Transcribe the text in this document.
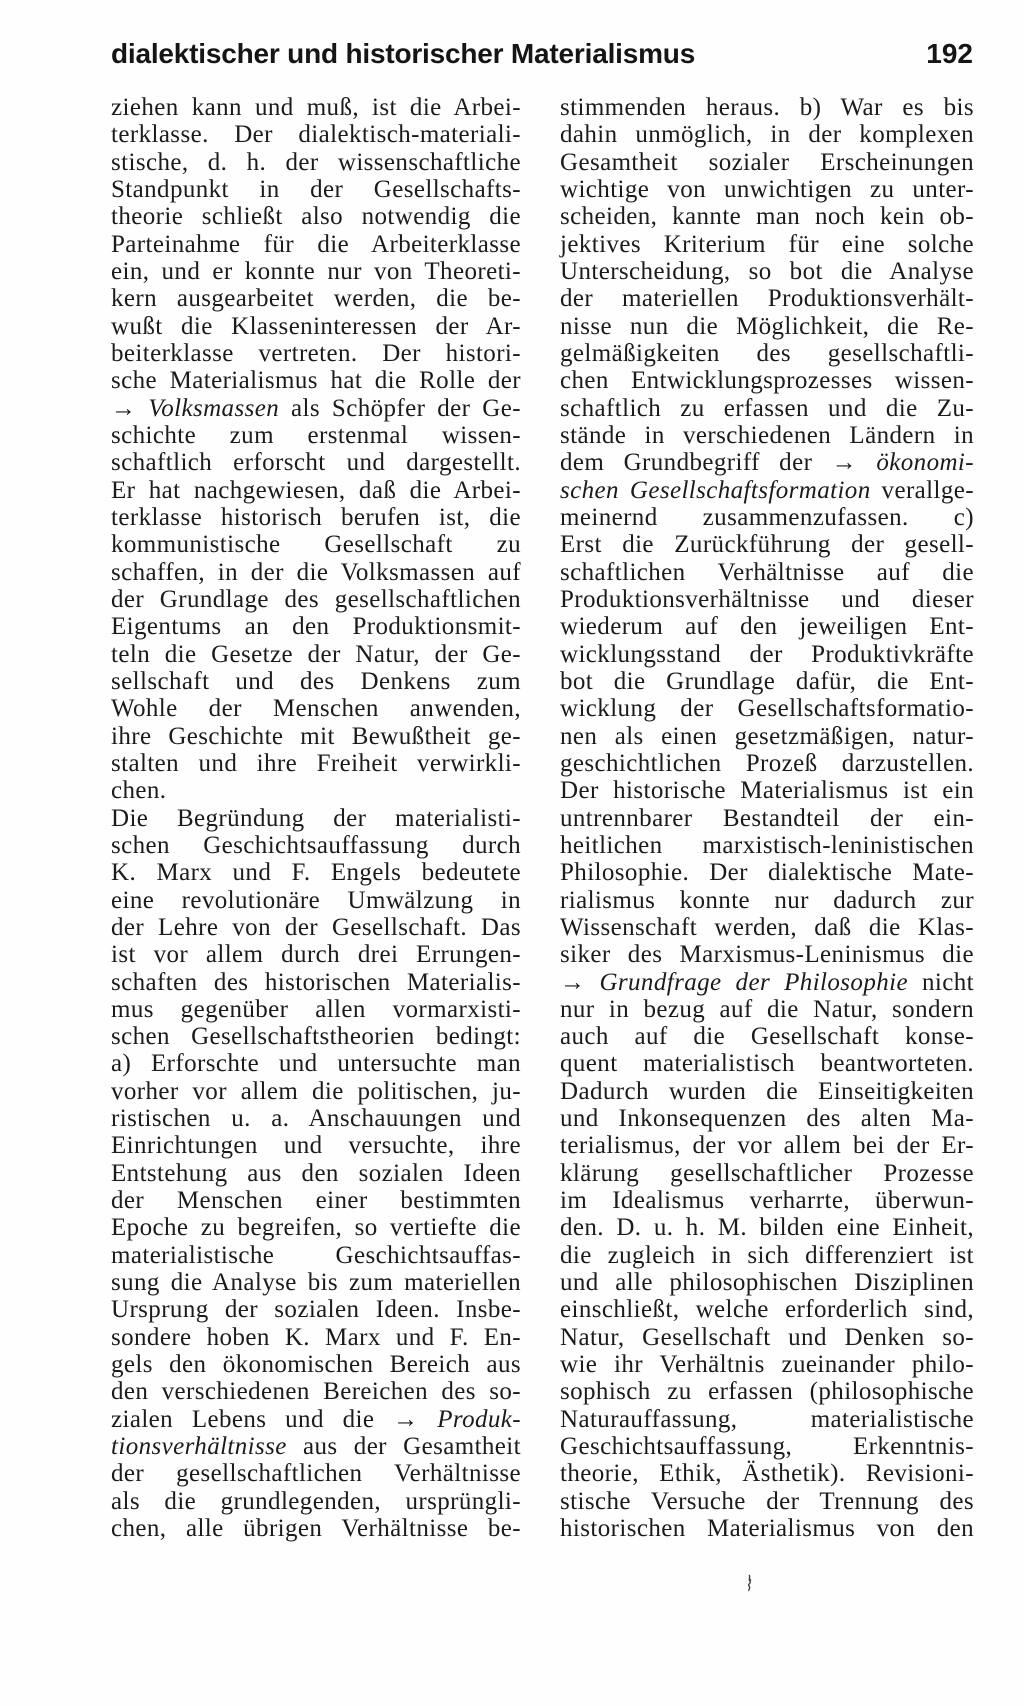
dialektischer und historischer Materialismus	192
ziehen kann und muß, ist die Arbei-
terklasse. Der dialektisch-materiali-
stische, d. h. der wissenschaftliche
Standpunkt in der Gesellschafts-
theorie schließt also notwendig die
Parteinahme für die Arbeiterklasse
ein, und er konnte nur von Theoreti-
kern ausgearbeitet werden, die be-
wußt die Klasseninteressen der Ar-
beiterklasse vertreten. Der histori-
sche Materialismus hat die Rolle der
→ Volksmassen als Schöpfer der Ge-
schichte zum erstenmal wissen-
schaftlich erforscht und dargestellt.
Er hat nachgewiesen, daß die Arbei-
terklasse historisch berufen ist, die
kommunistische Gesellschaft zu
schaffen, in der die Volksmassen auf
der Grundlage des gesellschaftlichen
Eigentums an den Produktionsmit-
teln die Gesetze der Natur, der Ge-
sellschaft und des Denkens zum
Wohle der Menschen anwenden,
ihre Geschichte mit Bewußtheit ge-
stalten und ihre Freiheit verwirkli-
chen.
Die Begründung der materialisti-
schen Geschichtsauffassung durch
K. Marx und F. Engels bedeutete
eine revolutionäre Umwälzung in
der Lehre von der Gesellschaft. Das
ist vor allem durch drei Errungen-
schaften des historischen Materialis-
mus gegenüber allen vormarxisti-
schen Gesellschaftstheorien bedingt:
a) Erforschte und untersuchte man
vorher vor allem die politischen, ju-
ristischen u. a. Anschauungen und
Einrichtungen und versuchte, ihre
Entstehung aus den sozialen Ideen
der Menschen einer bestimmten
Epoche zu begreifen, so vertiefte die
materialistische Geschichtsauffas-
sung die Analyse bis zum materiellen
Ursprung der sozialen Ideen. Insbe-
sondere hoben K. Marx und F. En-
gels den ökonomischen Bereich aus
den verschiedenen Bereichen des so-
zialen Lebens und die → Produk-
tionsverhältnisse aus der Gesamtheit
der gesellschaftlichen Verhältnisse
als die grundlegenden, ursprüngli-
chen, alle übrigen Verhältnisse be-
stimmenden heraus. b) War es bis
dahin unmöglich, in der komplexen
Gesamtheit sozialer Erscheinungen
wichtige von unwichtigen zu unter-
scheiden, kannte man noch kein ob-
jektives Kriterium für eine solche
Unterscheidung, so bot die Analyse
der materiellen Produktionsverhält-
nisse nun die Möglichkeit, die Re-
gelmäßigkeiten des gesellschaftli-
chen Entwicklungsprozesses wissen-
schaftlich zu erfassen und die Zu-
stände in verschiedenen Ländern in
dem Grundbegriff der → ökonomi-
schen Gesellschaftsformation verallge-
meinernd zusammenzufassen. c)
Erst die Zurückführung der gesell-
schaftlichen Verhältnisse auf die
Produktionsverhältnisse und dieser
wiederum auf den jeweiligen Ent-
wicklungsstand der Produktivkräfte
bot die Grundlage dafür, die Ent-
wicklung der Gesellschaftsformatio-
nen als einen gesetzmäßigen, natur-
geschichtlichen Prozeß darzustellen.
Der historische Materialismus ist ein
untrennbarer Bestandteil der ein-
heitlichen marxistisch-leninistischen
Philosophie. Der dialektische Mate-
rialismus konnte nur dadurch zur
Wissenschaft werden, daß die Klas-
siker des Marxismus-Leninismus die
→ Grundfrage der Philosophie nicht
nur in bezug auf die Natur, sondern
auch auf die Gesellschaft konse-
quent materialistisch beantworteten.
Dadurch wurden die Einseitigkeiten
und Inkonsequenzen des alten Ma-
terialismus, der vor allem bei der Er-
klärung gesellschaftlicher Prozesse
im Idealismus verharrte, überwun-
den. D. u. h. M. bilden eine Einheit,
die zugleich in sich differenziert ist
und alle philosophischen Disziplinen
einschließt, welche erforderlich sind,
Natur, Gesellschaft und Denken so-
wie ihr Verhältnis zueinander philo-
sophisch zu erfassen (philosophische
Naturauffassung, materialistische
Geschichtsauffassung, Erkenntnis-
theorie, Ethik, Ästhetik). Revisioni-
stische Versuche der Trennung des
historischen Materialismus von den
